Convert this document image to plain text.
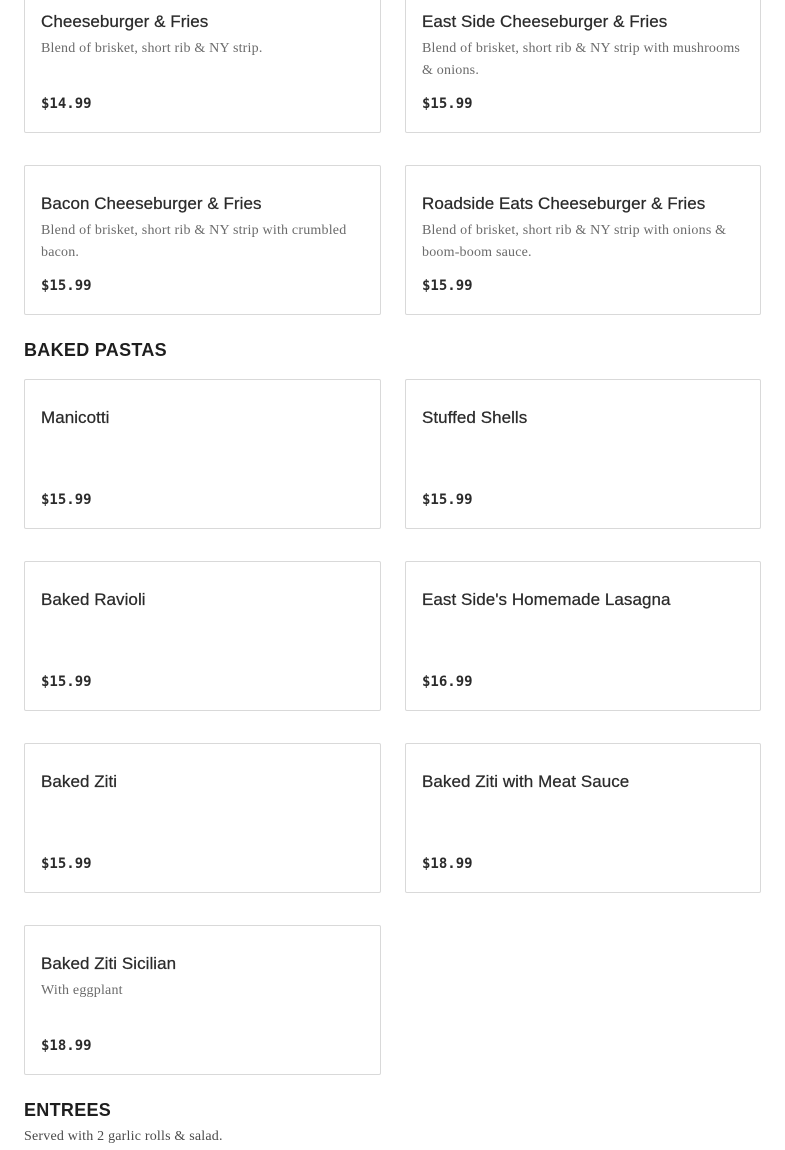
Cheeseburger & Fries
Blend of brisket, short rib & NY strip.
$14.99
East Side Cheeseburger & Fries
Blend of brisket, short rib & NY strip with mushrooms & onions.
$15.99
Bacon Cheeseburger & Fries
Blend of brisket, short rib & NY strip with crumbled bacon.
$15.99
Roadside Eats Cheeseburger & Fries
Blend of brisket, short rib & NY strip with onions & boom-boom sauce.
$15.99
BAKED PASTAS
Manicotti
$15.99
Stuffed Shells
$15.99
Baked Ravioli
$15.99
East Side's Homemade Lasagna
$16.99
Baked Ziti
$15.99
Baked Ziti with Meat Sauce
$18.99
Baked Ziti Sicilian
With eggplant
$18.99
ENTREES
Served with 2 garlic rolls & salad.
